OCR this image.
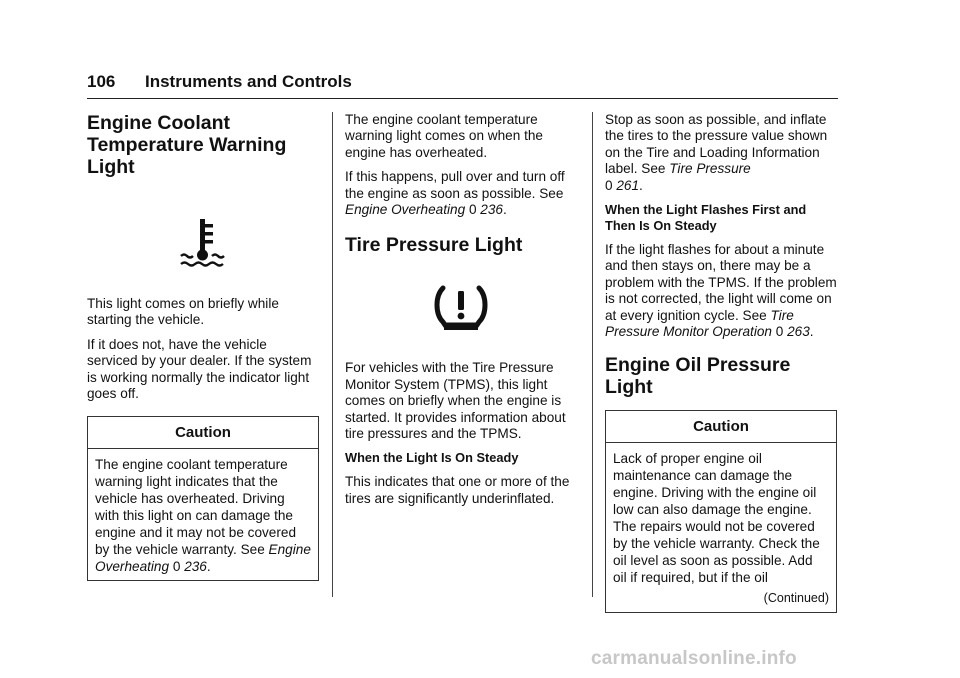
106 Instruments and Controls
Engine Coolant Temperature Warning Light

This light comes on briefly while starting the vehicle.

If it does not, have the vehicle serviced by your dealer. If the system is working normally the indicator light goes off.

Caution
The engine coolant temperature warning light indicates that the vehicle has overheated. Driving with this light on can damage the engine and it may not be covered by the vehicle warranty. See Engine Overheating 0 236.

The engine coolant temperature warning light comes on when the engine has overheated.

If this happens, pull over and turn off the engine as soon as possible. See Engine Overheating 0 236.

Tire Pressure Light

For vehicles with the Tire Pressure Monitor System (TPMS), this light comes on briefly when the engine is started. It provides information about tire pressures and the TPMS.

When the Light Is On Steady

This indicates that one or more of the tires are significantly underinflated.

Stop as soon as possible, and inflate the tires to the pressure value shown on the Tire and Loading Information label. See Tire Pressure
0 261.

When the Light Flashes First and Then Is On Steady

If the light flashes for about a minute and then stays on, there may be a problem with the TPMS. If the problem is not corrected, the light will come on at every ignition cycle. See Tire Pressure Monitor Operation 0 263.

Engine Oil Pressure Light
Caution
Lack of proper engine oil maintenance can damage the engine. Driving with the engine oil low can also damage the engine. The repairs would not be covered by the vehicle warranty. Check the oil level as soon as possible. Add oil if required, but if the oil
(Continued)
carmanualsonline.info
